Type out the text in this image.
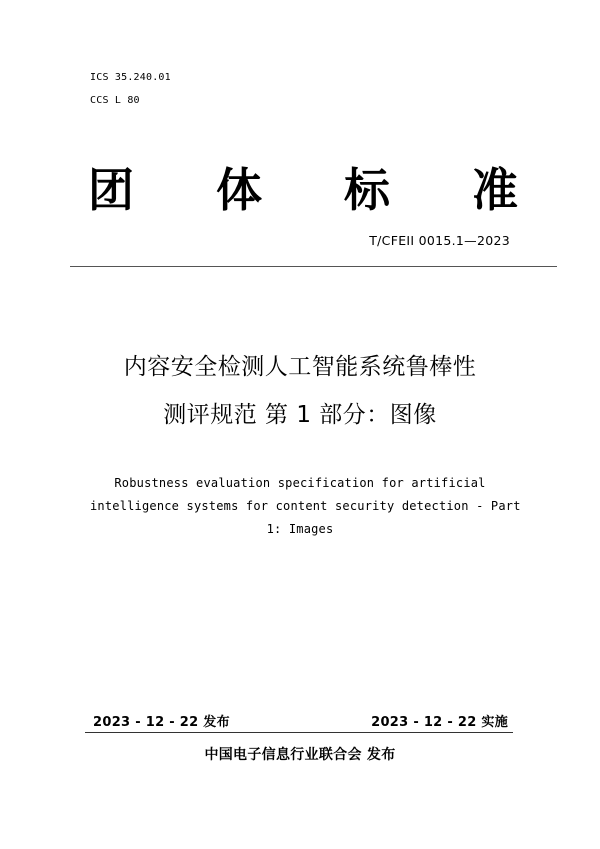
ICS 35.240.01
CCS L 80
团 体 标 准
T/CFEII 0015.1—2023
内容安全检测人工智能系统鲁棒性
测评规范 第 1 部分：图像
Robustness evaluation specification for artificial
intelligence systems for content security detection - Part
1: Images
2023 - 12 - 22 发布	2023 - 12 - 22 实施
中国电子信息行业联合会 发布
